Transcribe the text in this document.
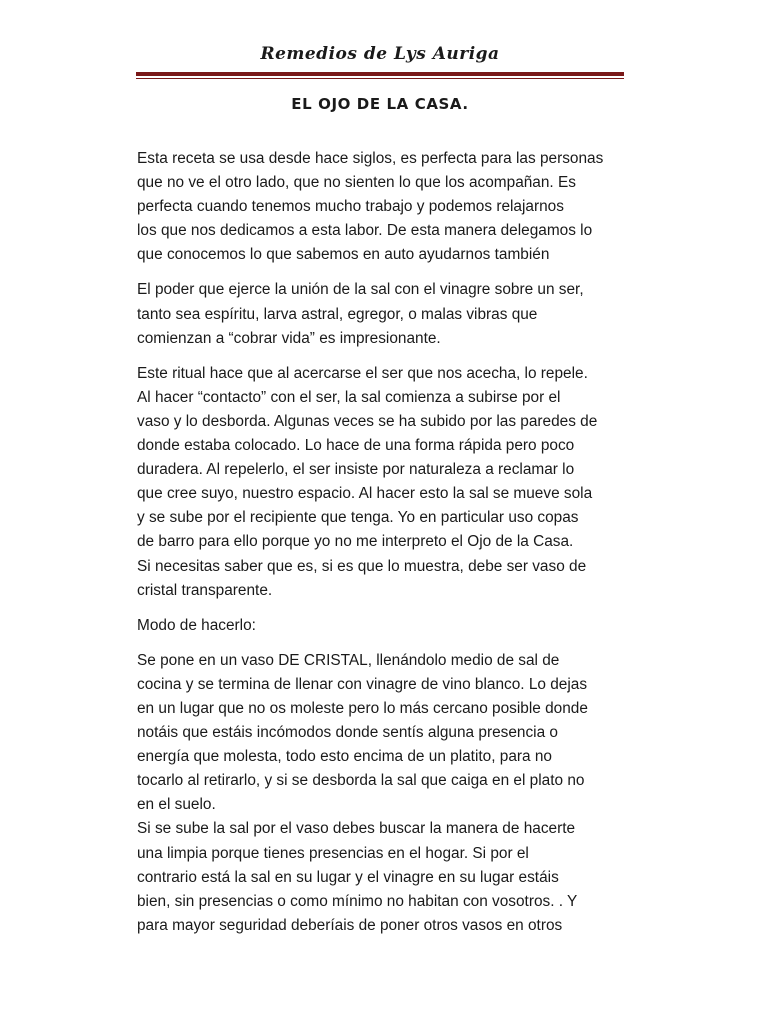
Remedios de Lys Auriga
EL OJO DE LA CASA.

Esta receta se usa desde hace siglos, es perfecta para las personas
que no ve el otro lado, que no sienten lo que los acompañan. Es
perfecta cuando tenemos mucho trabajo y podemos relajarnos
los que nos dedicamos a esta labor. De esta manera delegamos lo
que conocemos lo que sabemos en auto ayudarnos también

El poder que ejerce la unión de la sal con el vinagre sobre un ser,
tanto sea espíritu, larva astral, egregor, o malas vibras que
comienzan a “cobrar vida” es impresionante.

Este ritual hace que al acercarse el ser que nos acecha, lo repele.
Al hacer “contacto” con el ser, la sal comienza a subirse por el
vaso y lo desborda. Algunas veces se ha subido por las paredes de
donde estaba colocado. Lo hace de una forma rápida pero poco
duradera. Al repelerlo, el ser insiste por naturaleza a reclamar lo
que cree suyo, nuestro espacio. Al hacer esto la sal se mueve sola
y se sube por el recipiente que tenga. Yo en particular uso copas
de barro para ello porque yo no me interpreto el Ojo de la Casa.
Si necesitas saber que es, si es que lo muestra, debe ser vaso de
cristal transparente.

Modo de hacerlo:

Se pone en un vaso DE CRISTAL, llenándolo medio de sal de
cocina y se termina de llenar con vinagre de vino blanco. Lo dejas
en un lugar que no os moleste pero lo más cercano posible donde
notáis que estáis incómodos donde sentís alguna presencia o
energía que molesta, todo esto encima de un platito, para no
tocarlo al retirarlo, y si se desborda la sal que caiga en el plato no
en el suelo.

Si se sube la sal por el vaso debes buscar la manera de hacerte
una limpia porque tienes presencias en el hogar. Si por el
contrario está la sal en su lugar y el vinagre en su lugar estáis
bien, sin presencias o como mínimo no habitan con vosotros. . Y
para mayor seguridad deberíais de poner otros vasos en otros
